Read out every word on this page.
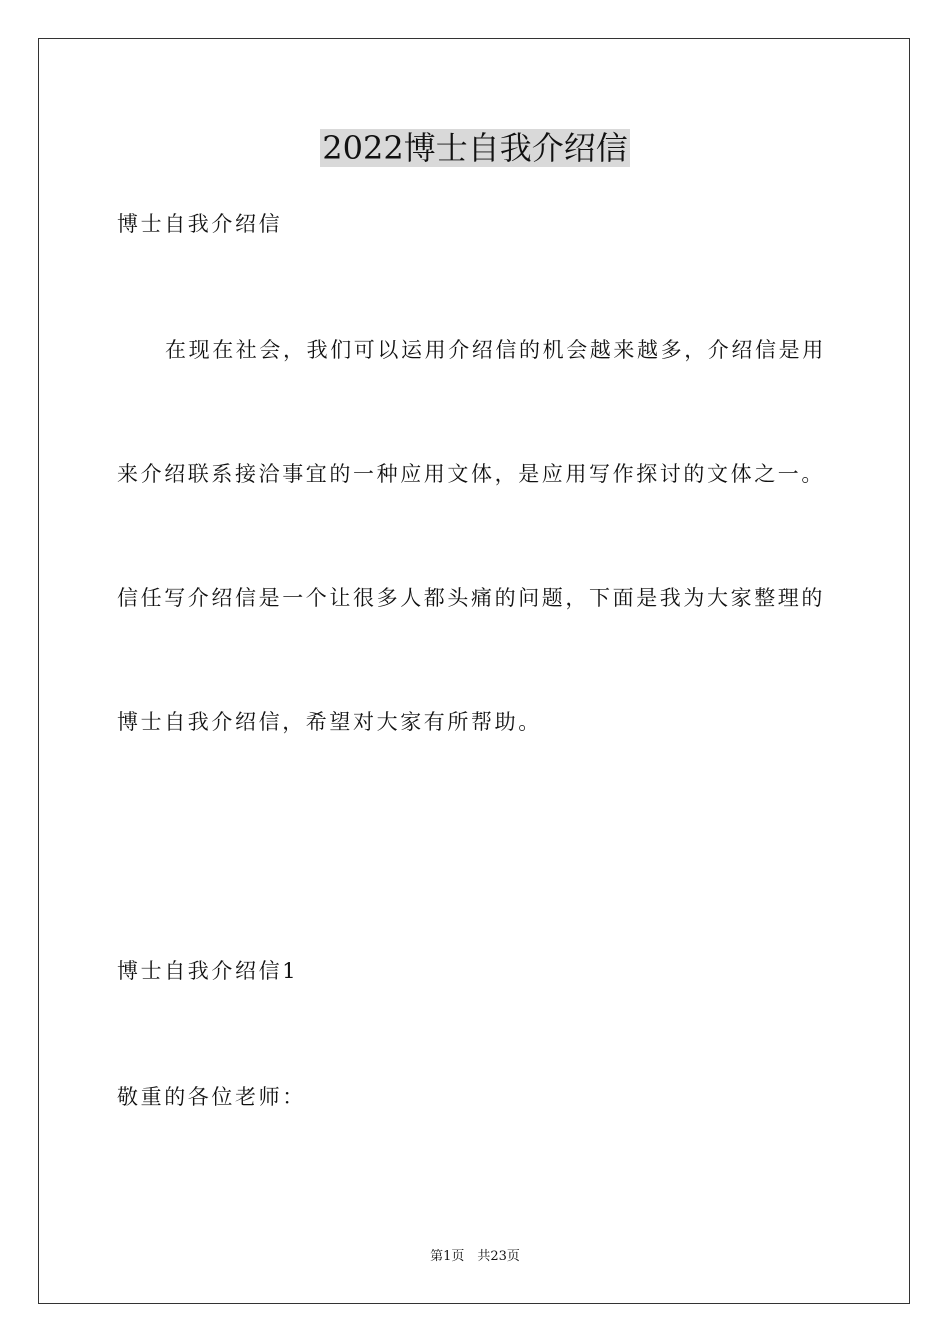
2022博士自我介绍信

博士自我介绍信

在现在社会，我们可以运用介绍信的机会越来越多，介绍信是用

来介绍联系接洽事宜的一种应用文体，是应用写作探讨的文体之一。

信任写介绍信是一个让很多人都头痛的问题，下面是我为大家整理的

博士自我介绍信，希望对大家有所帮助。

博士自我介绍信1

敬重的各位老师：

第1页　共23页
